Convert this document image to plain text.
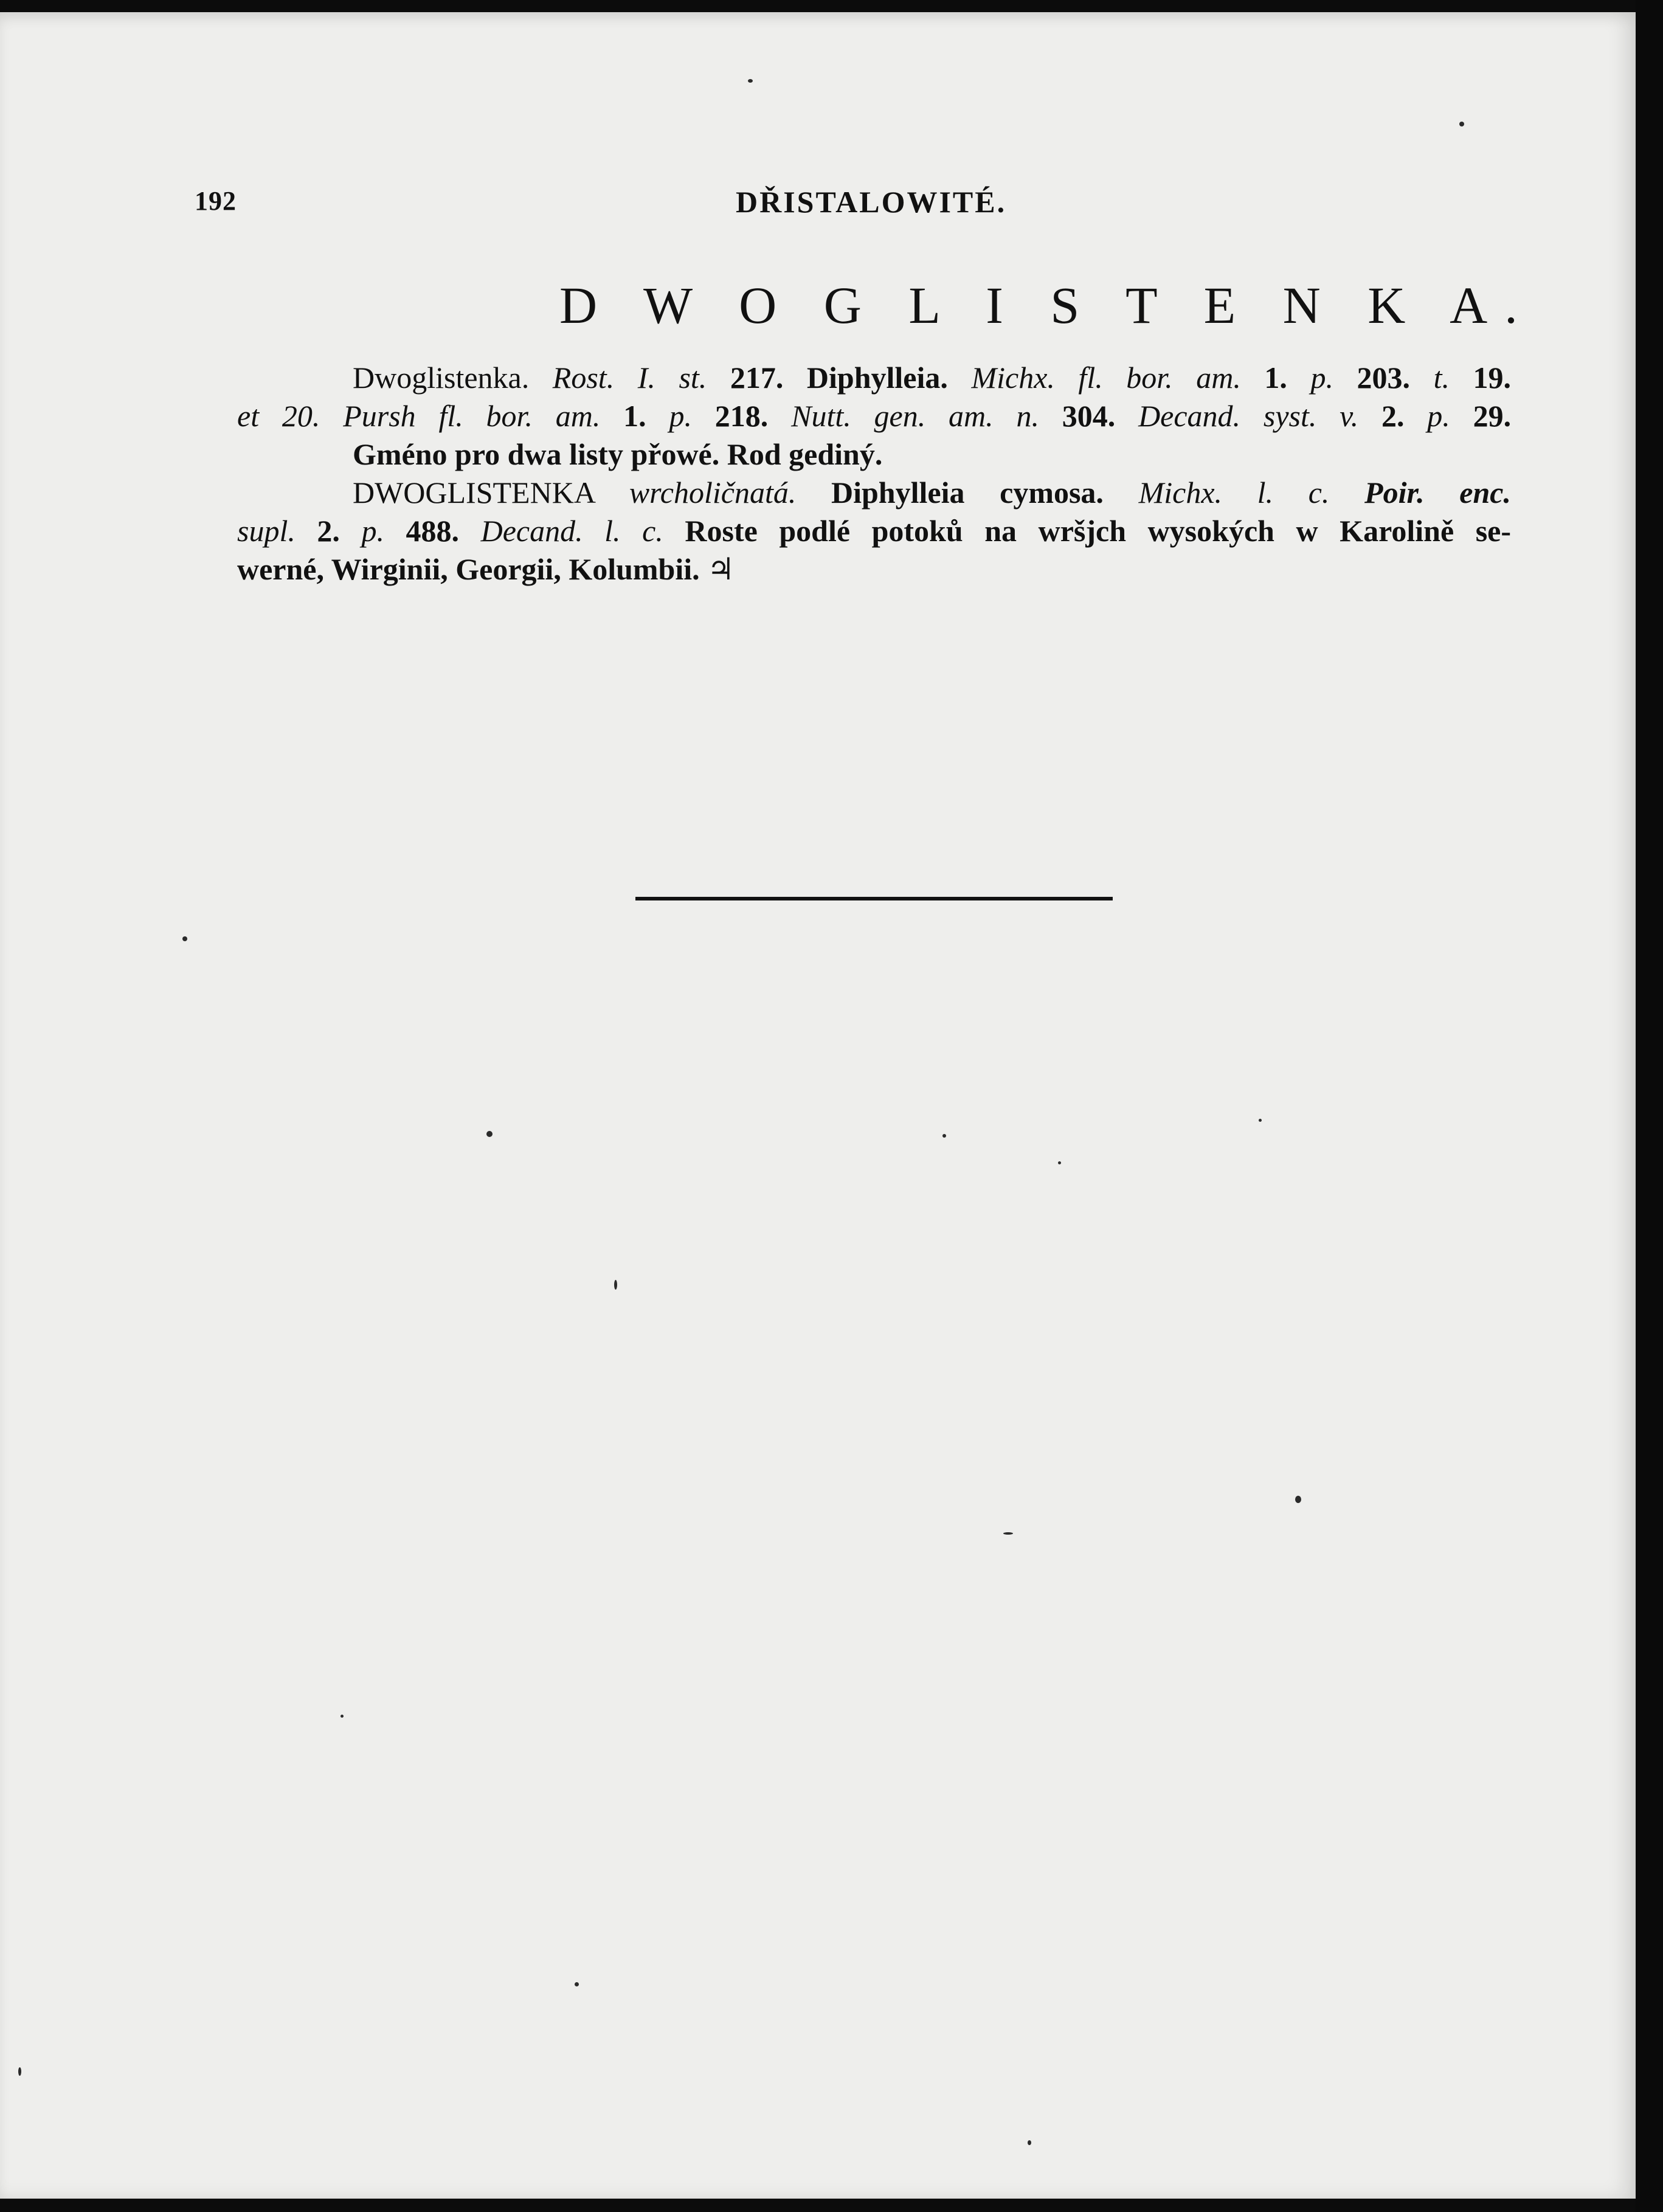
192	DŘISTALOWITÉ.
D W O G L I S T E N K A.
Dwoglistenka. Rost. I. st. 217. Diphylleia. Michx. fl. bor. am. 1. p. 203. t. 19.
et 20. Pursh fl. bor. am. 1. p. 218. Nutt. gen. am. n. 304. Decand. syst. v. 2. p. 29.
Gméno pro dwa listy přowé. Rod gediný.
DWOGLISTENKA wrcholičnatá. Diphylleia cymosa. Michx. l. c. Poir. enc.
supl. 2. p. 488. Decand. l. c. Roste podlé potoků na wršjch wysokých w Karolině se-
werné, Wirginii, Georgii, Kolumbii. ♃
